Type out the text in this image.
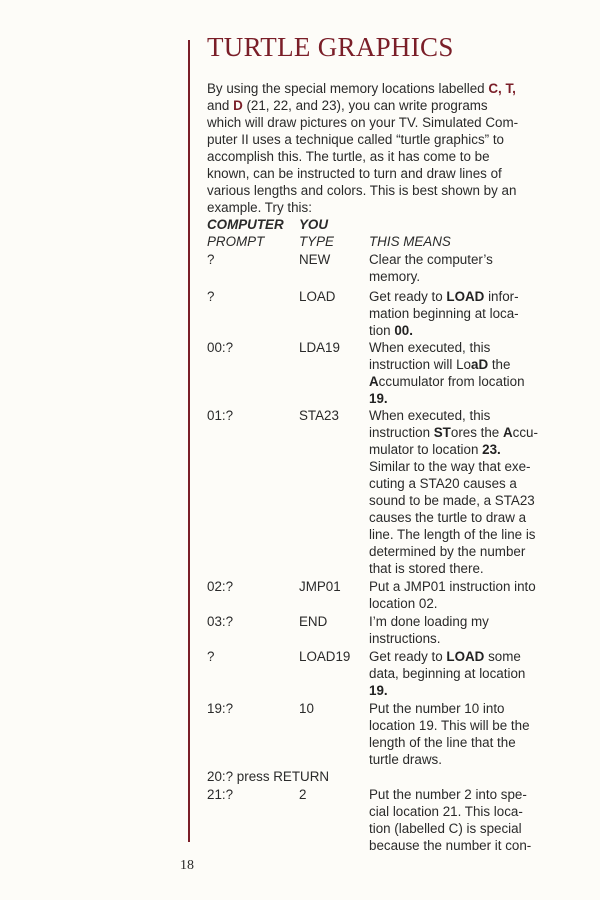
TURTLE GRAPHICS
By using the special memory locations labelled C, T,
and D (21, 22, and 23), you can write programs
which will draw pictures on your TV. Simulated Com-
puter II uses a technique called “turtle graphics” to
accomplish this. The turtle, as it has come to be
known, can be instructed to turn and draw lines of
various lengths and colors. This is best shown by an
example. Try this:
COMPUTER YOU
PROMPT	TYPE	THIS MEANS
?	NEW	Clear the computer’s
memory.
?	LOAD	Get ready to LOAD infor-
mation beginning at loca-
tion 00.
00:?	LDA19 When executed, this
instruction will LoaD the
Accumulator from location
19.
01:?	STA23 When executed, this
instruction STores the Accu-
mulator to location 23.
Similar to the way that exe-
cuting a STA20 causes a
sound to be made, a STA23
causes the turtle to draw a
line. The length of the line is
determined by the number
that is stored there.
02:?	JMP01 Put a JMP01 instruction into
location 02.
03:?	END	I’m done loading my
instructions.
?	LOAD19 Get ready to LOAD some
data, beginning at location
19.
19:?	10	Put the number 10 into
location 19. This will be the
length of the line that the
turtle draws.
20:? press RETURN
21:?	2	Put the number 2 into spe-
cial location 21. This loca-
tion (labelled C) is special
because the number it con-
18
